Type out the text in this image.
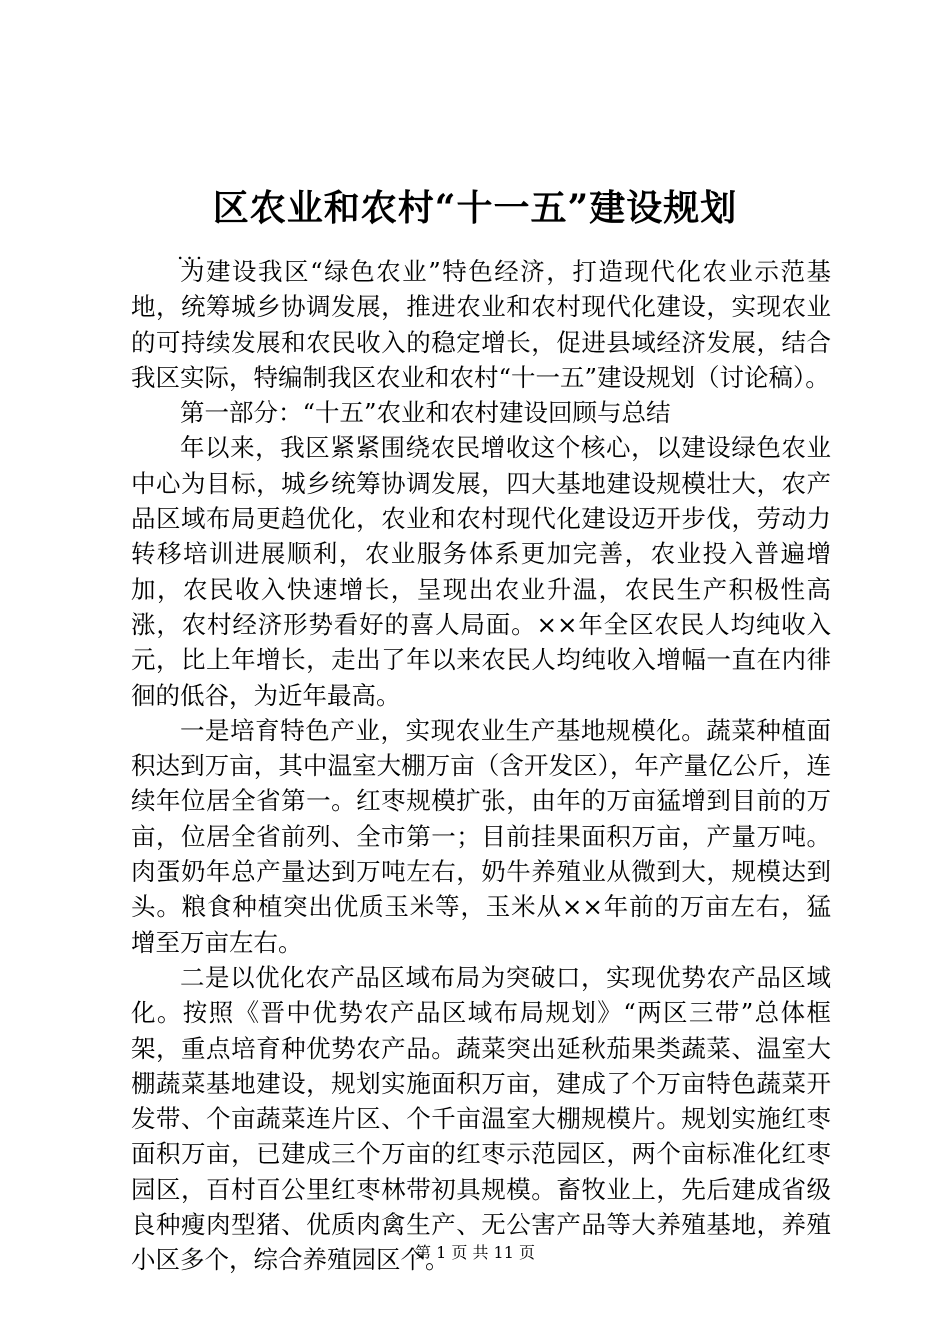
区农业和农村“十一五”建设规划
...

为建设我区“绿色农业”特色经济，打造现代化农业示范基地，统筹城乡协调发展，推进农业和农村现代化建设，实现农业的可持续发展和农民收入的稳定增长，促进县域经济发展，结合我区实际，特编制我区农业和农村“十一五”建设规划（讨论稿）。

第一部分：“十五”农业和农村建设回顾与总结

年以来，我区紧紧围绕农民增收这个核心，以建设绿色农业中心为目标，城乡统筹协调发展，四大基地建设规模壮大，农产品区域布局更趋优化，农业和农村现代化建设迈开步伐，劳动力转移培训进展顺利，农业服务体系更加完善，农业投入普遍增加，农民收入快速增长，呈现出农业升温，农民生产积极性高涨，农村经济形势看好的喜人局面。××年全区农民人均纯收入元，比上年增长，走出了年以来农民人均纯收入增幅一直在内徘徊的低谷，为近年最高。

一是培育特色产业，实现农业生产基地规模化。蔬菜种植面积达到万亩，其中温室大棚万亩（含开发区），年产量亿公斤，连续年位居全省第一。红枣规模扩张，由年的万亩猛增到目前的万亩，位居全省前列、全市第一；目前挂果面积万亩，产量万吨。肉蛋奶年总产量达到万吨左右，奶牛养殖业从微到大，规模达到头。粮食种植突出优质玉米等，玉米从××年前的万亩左右，猛增至万亩左右。

二是以优化农产品区域布局为突破口，实现优势农产品区域化。按照《晋中优势农产品区域布局规划》“两区三带”总体框架，重点培育种优势农产品。蔬菜突出延秋茄果类蔬菜、温室大棚蔬菜基地建设，规划实施面积万亩，建成了个万亩特色蔬菜开发带、个亩蔬菜连片区、个千亩温室大棚规模片。规划实施红枣面积万亩，已建成三个万亩的红枣示范园区，两个亩标准化红枣园区，百村百公里红枣林带初具规模。畜牧业上，先后建成省级良种瘦肉型猪、优质肉禽生产、无公害产品等大养殖基地，养殖小区多个，综合养殖园区个。

第 1 页 共 11 页
